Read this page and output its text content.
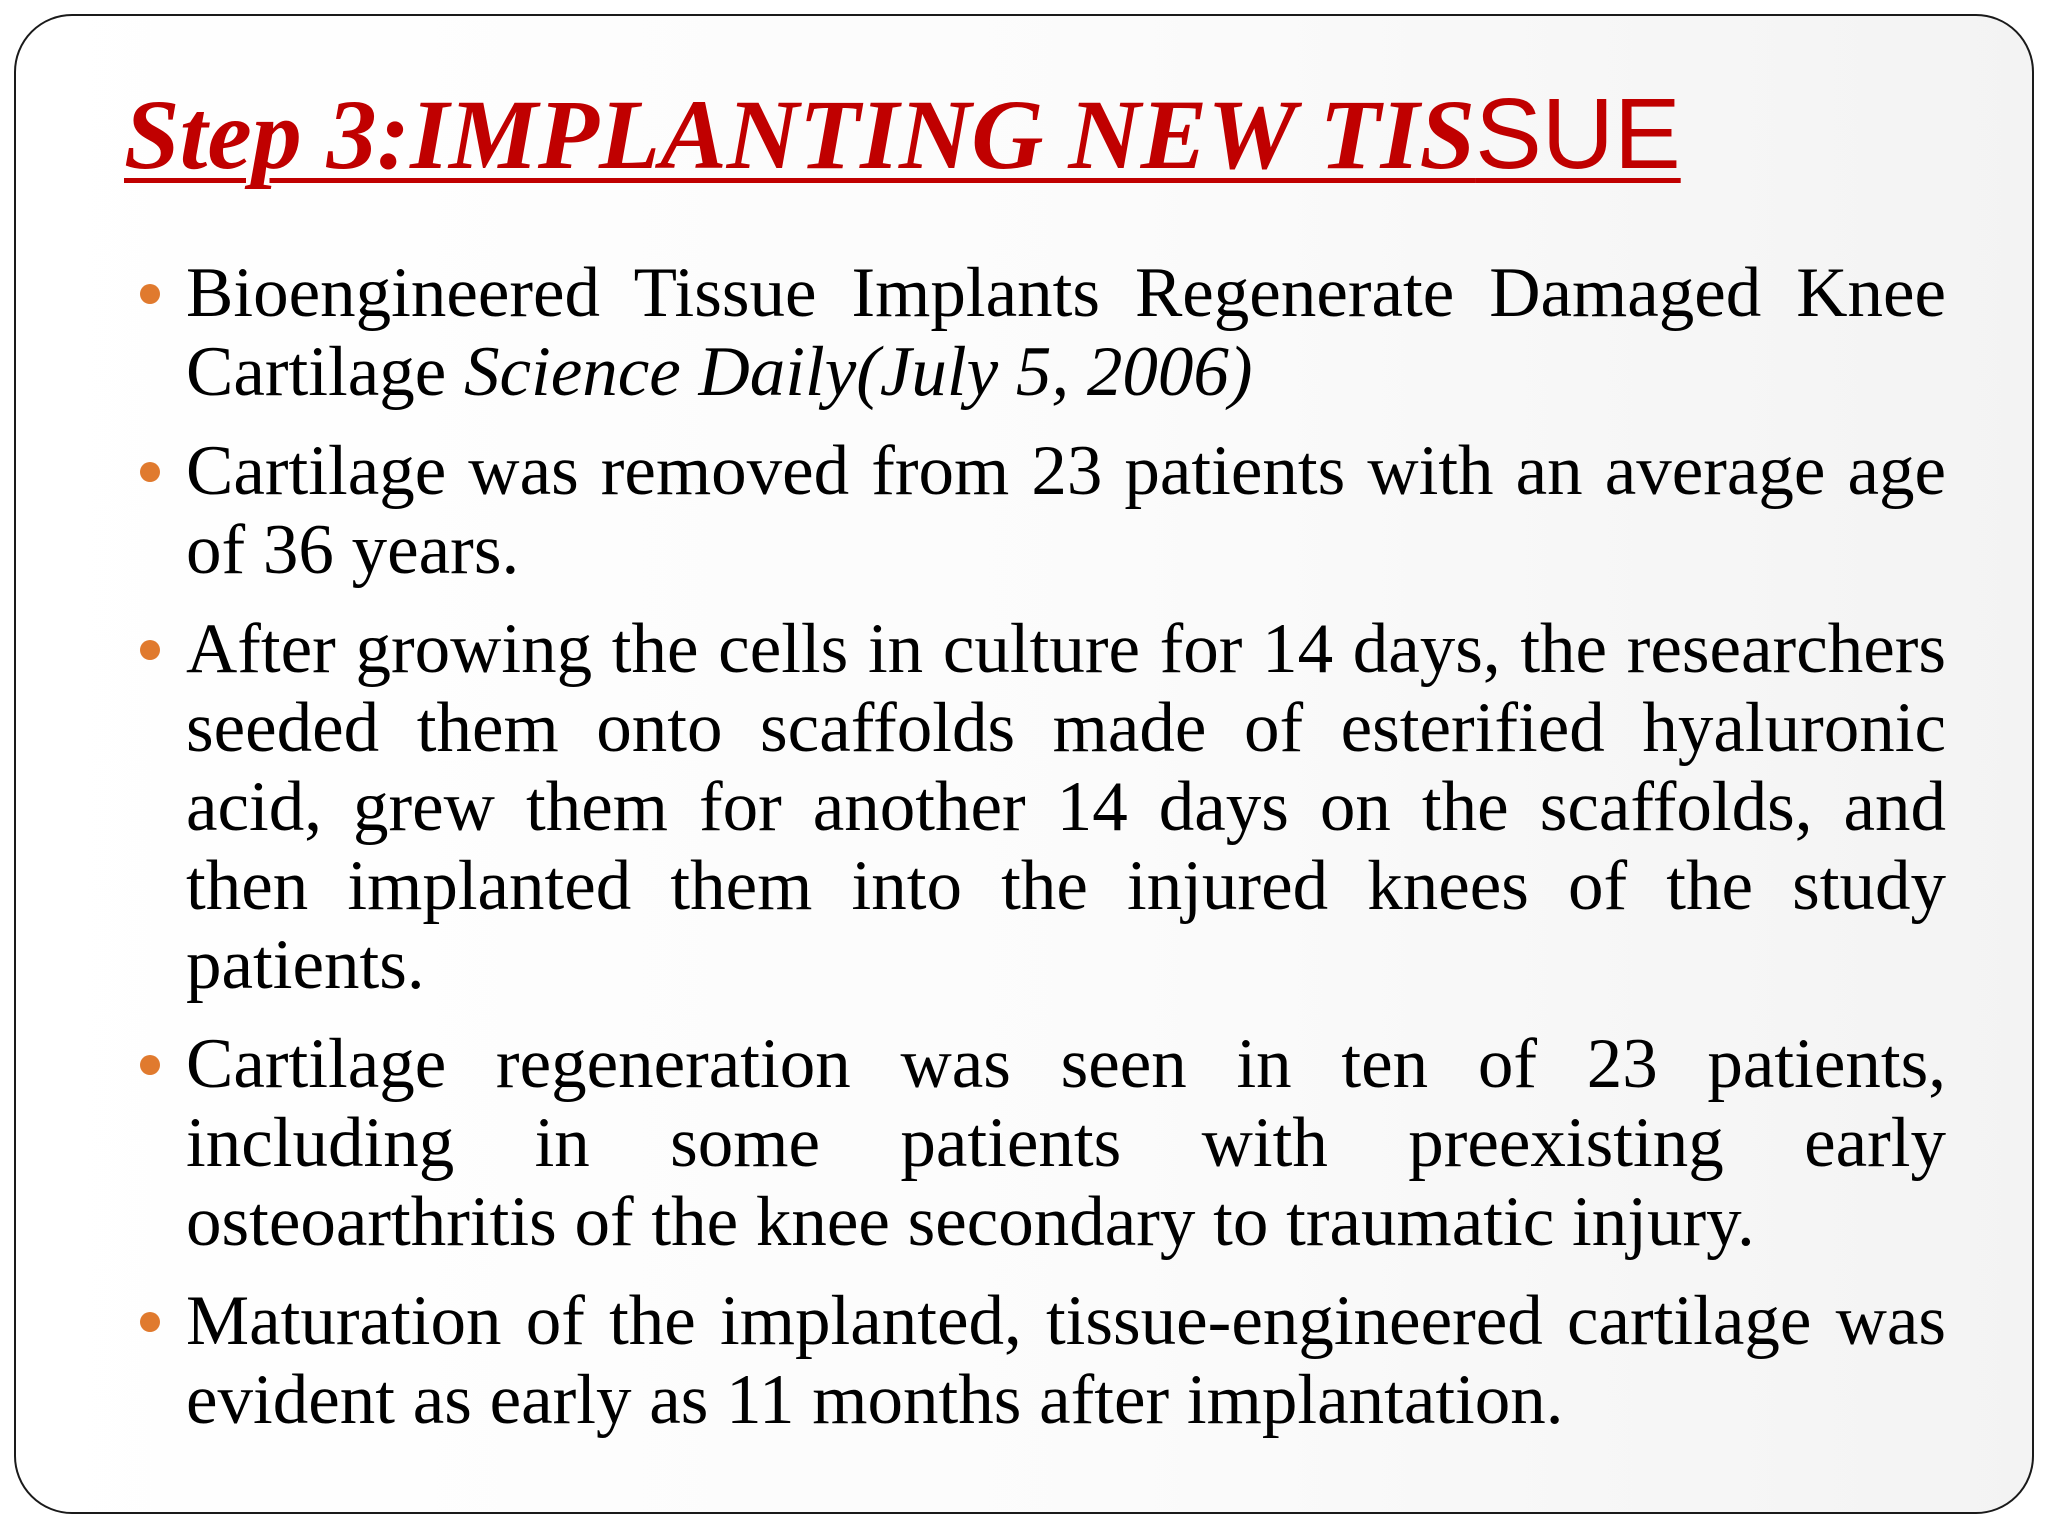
Step 3:IMPLANTING NEW TISSUE
Bioengineered Tissue Implants Regenerate Damaged Knee Cartilage Science Daily(July 5, 2006)
Cartilage was removed from 23 patients with an average age of 36 years.
After growing the cells in culture for 14 days, the researchers seeded them onto scaffolds made of esterified hyaluronic acid, grew them for another 14 days on the scaffolds, and then implanted them into the injured knees of the study patients.
Cartilage regeneration was seen in ten of 23 patients, including in some patients with preexisting early osteoarthritis of the knee secondary to traumatic injury.
Maturation of the implanted, tissue-engineered cartilage was evident as early as 11 months after implantation.
